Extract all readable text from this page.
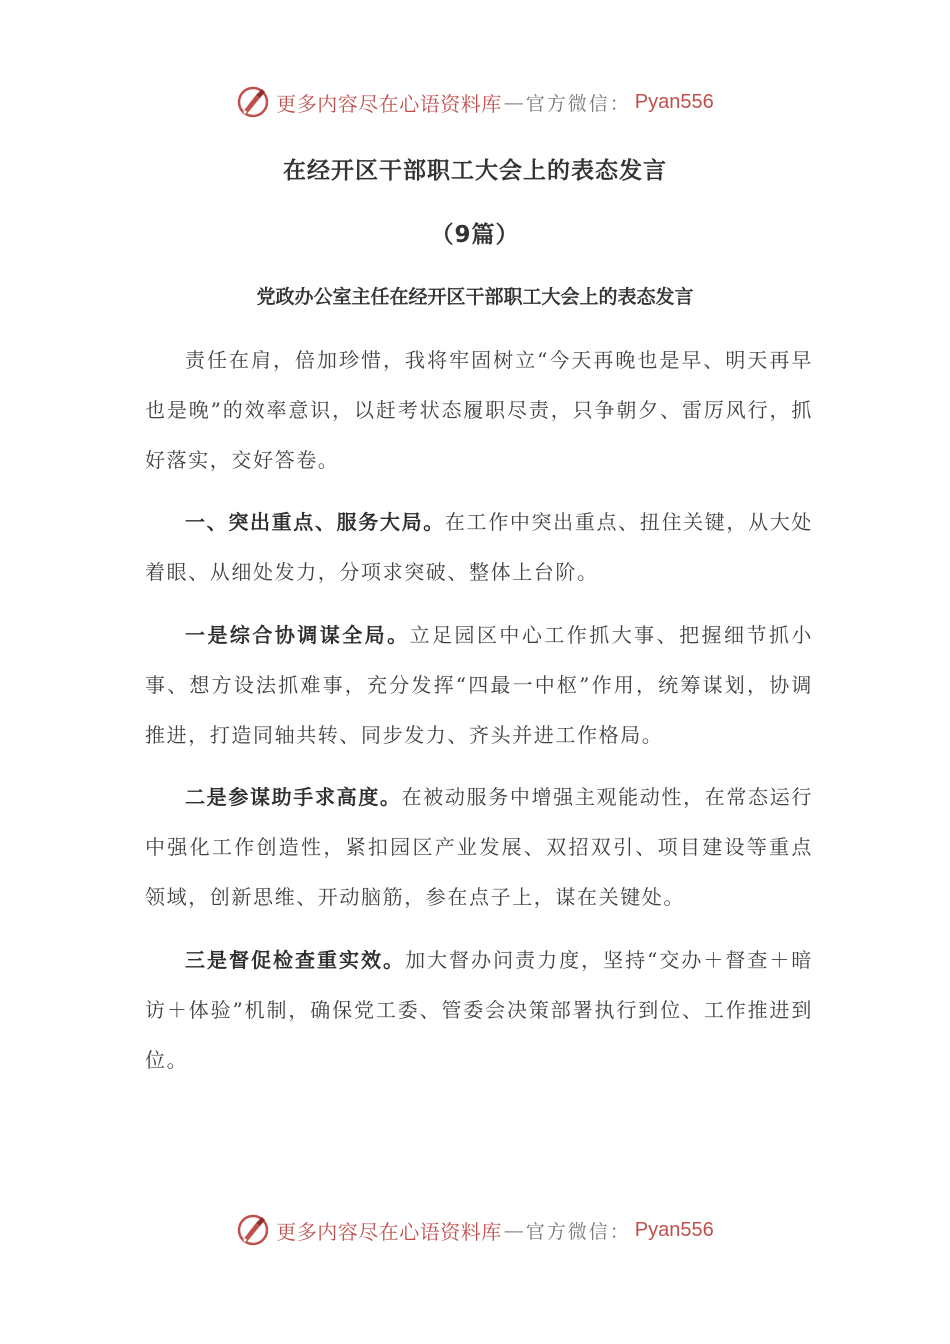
更多内容尽在心语资料库 — 官方微信： Pyan556
在经开区干部职工大会上的表态发言
（9篇）
党政办公室主任在经开区干部职工大会上的表态发言

责任在肩，倍加珍惜，我将牢固树立“今天再晚也是早、明天再早也是晚”的效率意识，以赶考状态履职尽责，只争朝夕、雷厉风行，抓好落实，交好答卷。

一、突出重点、服务大局。在工作中突出重点、扭住关键，从大处着眼、从细处发力，分项求突破、整体上台阶。

一是综合协调谋全局。立足园区中心工作抓大事、把握细节抓小事、想方设法抓难事，充分发挥“四最一中枢”作用，统筹谋划，协调推进，打造同轴共转、同步发力、齐头并进工作格局。

二是参谋助手求高度。在被动服务中增强主观能动性，在常态运行中强化工作创造性，紧扣园区产业发展、双招双引、项目建设等重点领域，创新思维、开动脑筋，参在点子上，谋在关键处。

三是督促检查重实效。加大督办问责力度，坚持“交办＋督查＋暗访＋体验”机制，确保党工委、管委会决策部署执行到位、工作推进到位。

更多内容尽在心语资料库 — 官方微信： Pyan556
